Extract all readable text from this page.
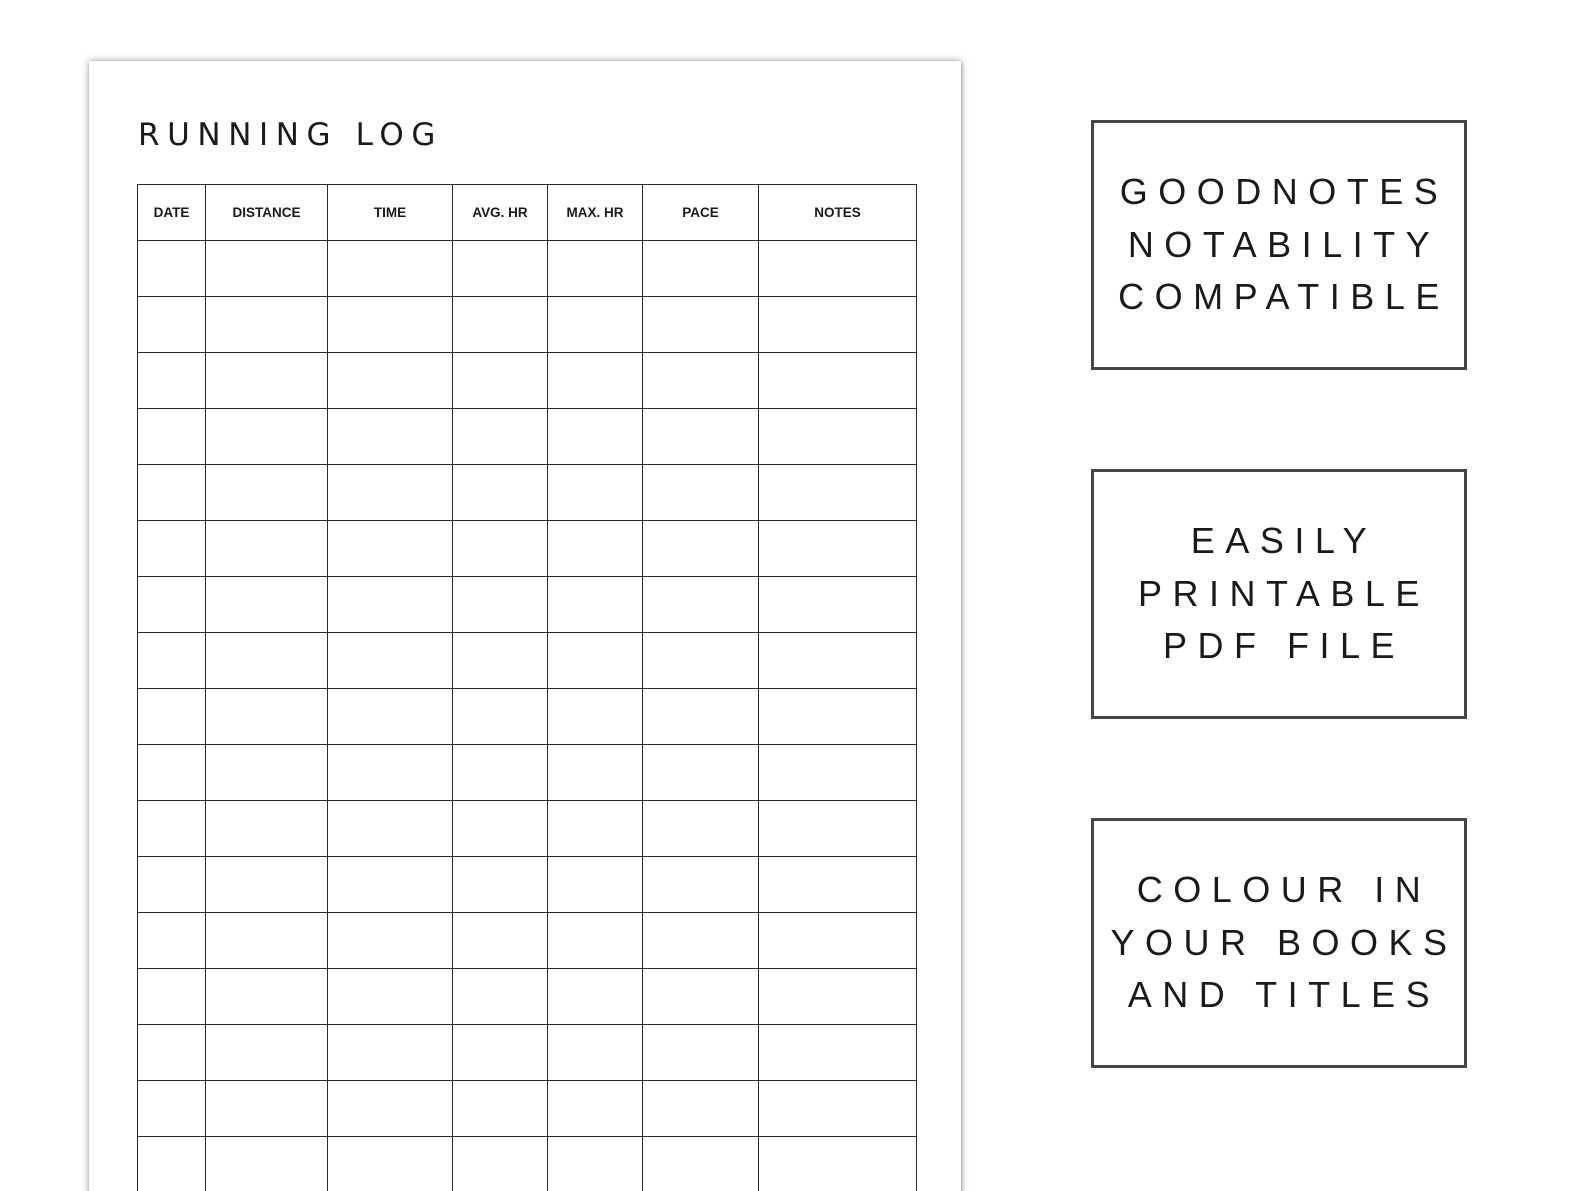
RUNNING LOG
DATE	DISTANCE	TIME	AVG. HR	MAX. HR	PACE	NOTES

GOODNOTES
NOTABILITY
COMPATIBLE
EASILY
PRINTABLE
PDF FILE
COLOUR IN
YOUR BOOKS
AND TITLES
